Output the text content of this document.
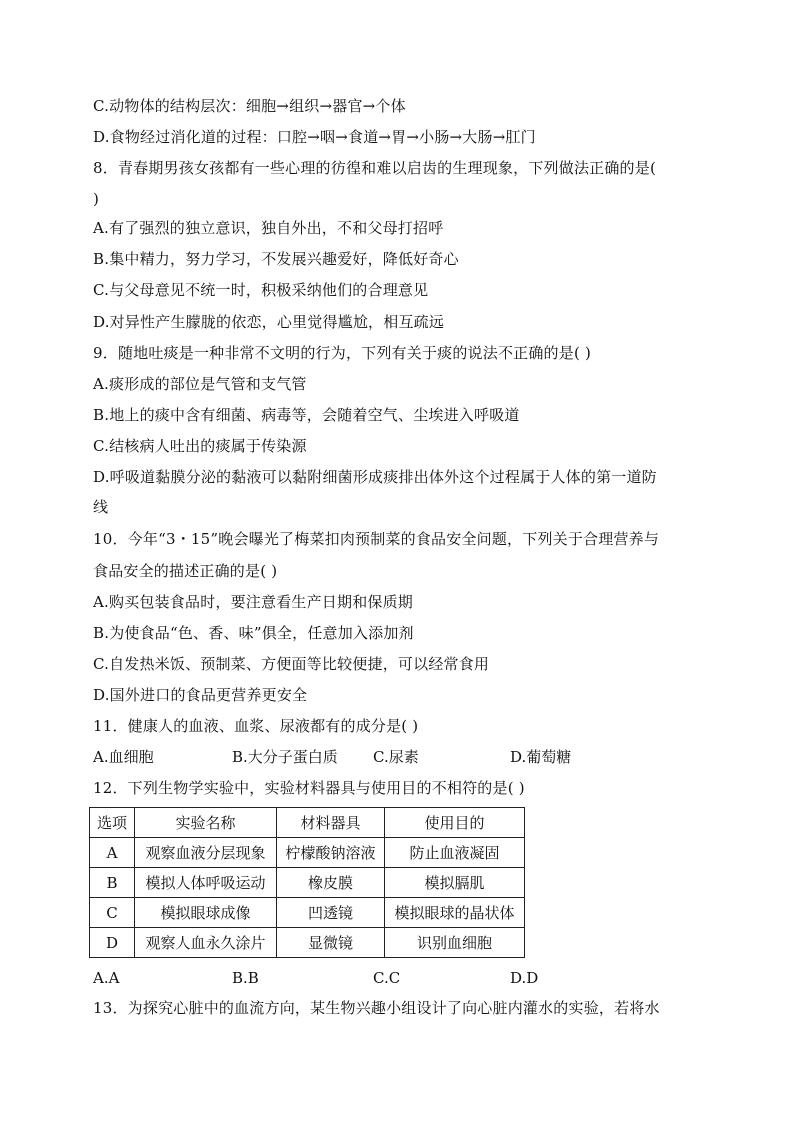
C.动物体的结构层次：细胞→组织→器官→个体
D.食物经过消化道的过程：口腔→咽→食道→胃→小肠→大肠→肛门
8．青春期男孩女孩都有一些心理的彷徨和难以启齿的生理现象，下列做法正确的是(
)
A.有了强烈的独立意识，独自外出，不和父母打招呼
B.集中精力，努力学习，不发展兴趣爱好，降低好奇心
C.与父母意见不统一时，积极采纳他们的合理意见
D.对异性产生朦胧的依恋，心里觉得尴尬，相互疏远
9．随地吐痰是一种非常不文明的行为，下列有关于痰的说法不正确的是( )
A.痰形成的部位是气管和支气管
B.地上的痰中含有细菌、病毒等，会随着空气、尘埃进入呼吸道
C.结核病人吐出的痰属于传染源
D.呼吸道黏膜分泌的黏液可以黏附细菌形成痰排出体外这个过程属于人体的第一道防
线
10．今年“3・15”晚会曝光了梅菜扣肉预制菜的食品安全问题，下列关于合理营养与
食品安全的描述正确的是( )
A.购买包装食品时，要注意看生产日期和保质期
B.为使食品“色、香、味”俱全，任意加入添加剂
C.自发热米饭、预制菜、方便面等比较便捷，可以经常食用
D.国外进口的食品更营养更安全
11．健康人的血液、血浆、尿液都有的成分是( )
A.血细胞	B.大分子蛋白质 C.尿素	D.葡萄糖
12．下列生物学实验中，实验材料器具与使用目的不相符的是( )
选项	实验名称	材料器具	使用目的
A	观察血液分层现象	柠檬酸钠溶液	防止血液凝固
B	模拟人体呼吸运动	橡皮膜	模拟膈肌
C	模拟眼球成像	凹透镜	模拟眼球的晶状体
D	观察人血永久涂片	显微镜	识别血细胞
A.A	B.B	C.C	D.D
13．为探究心脏中的血流方向，某生物兴趣小组设计了向心脏内灌水的实验，若将水
